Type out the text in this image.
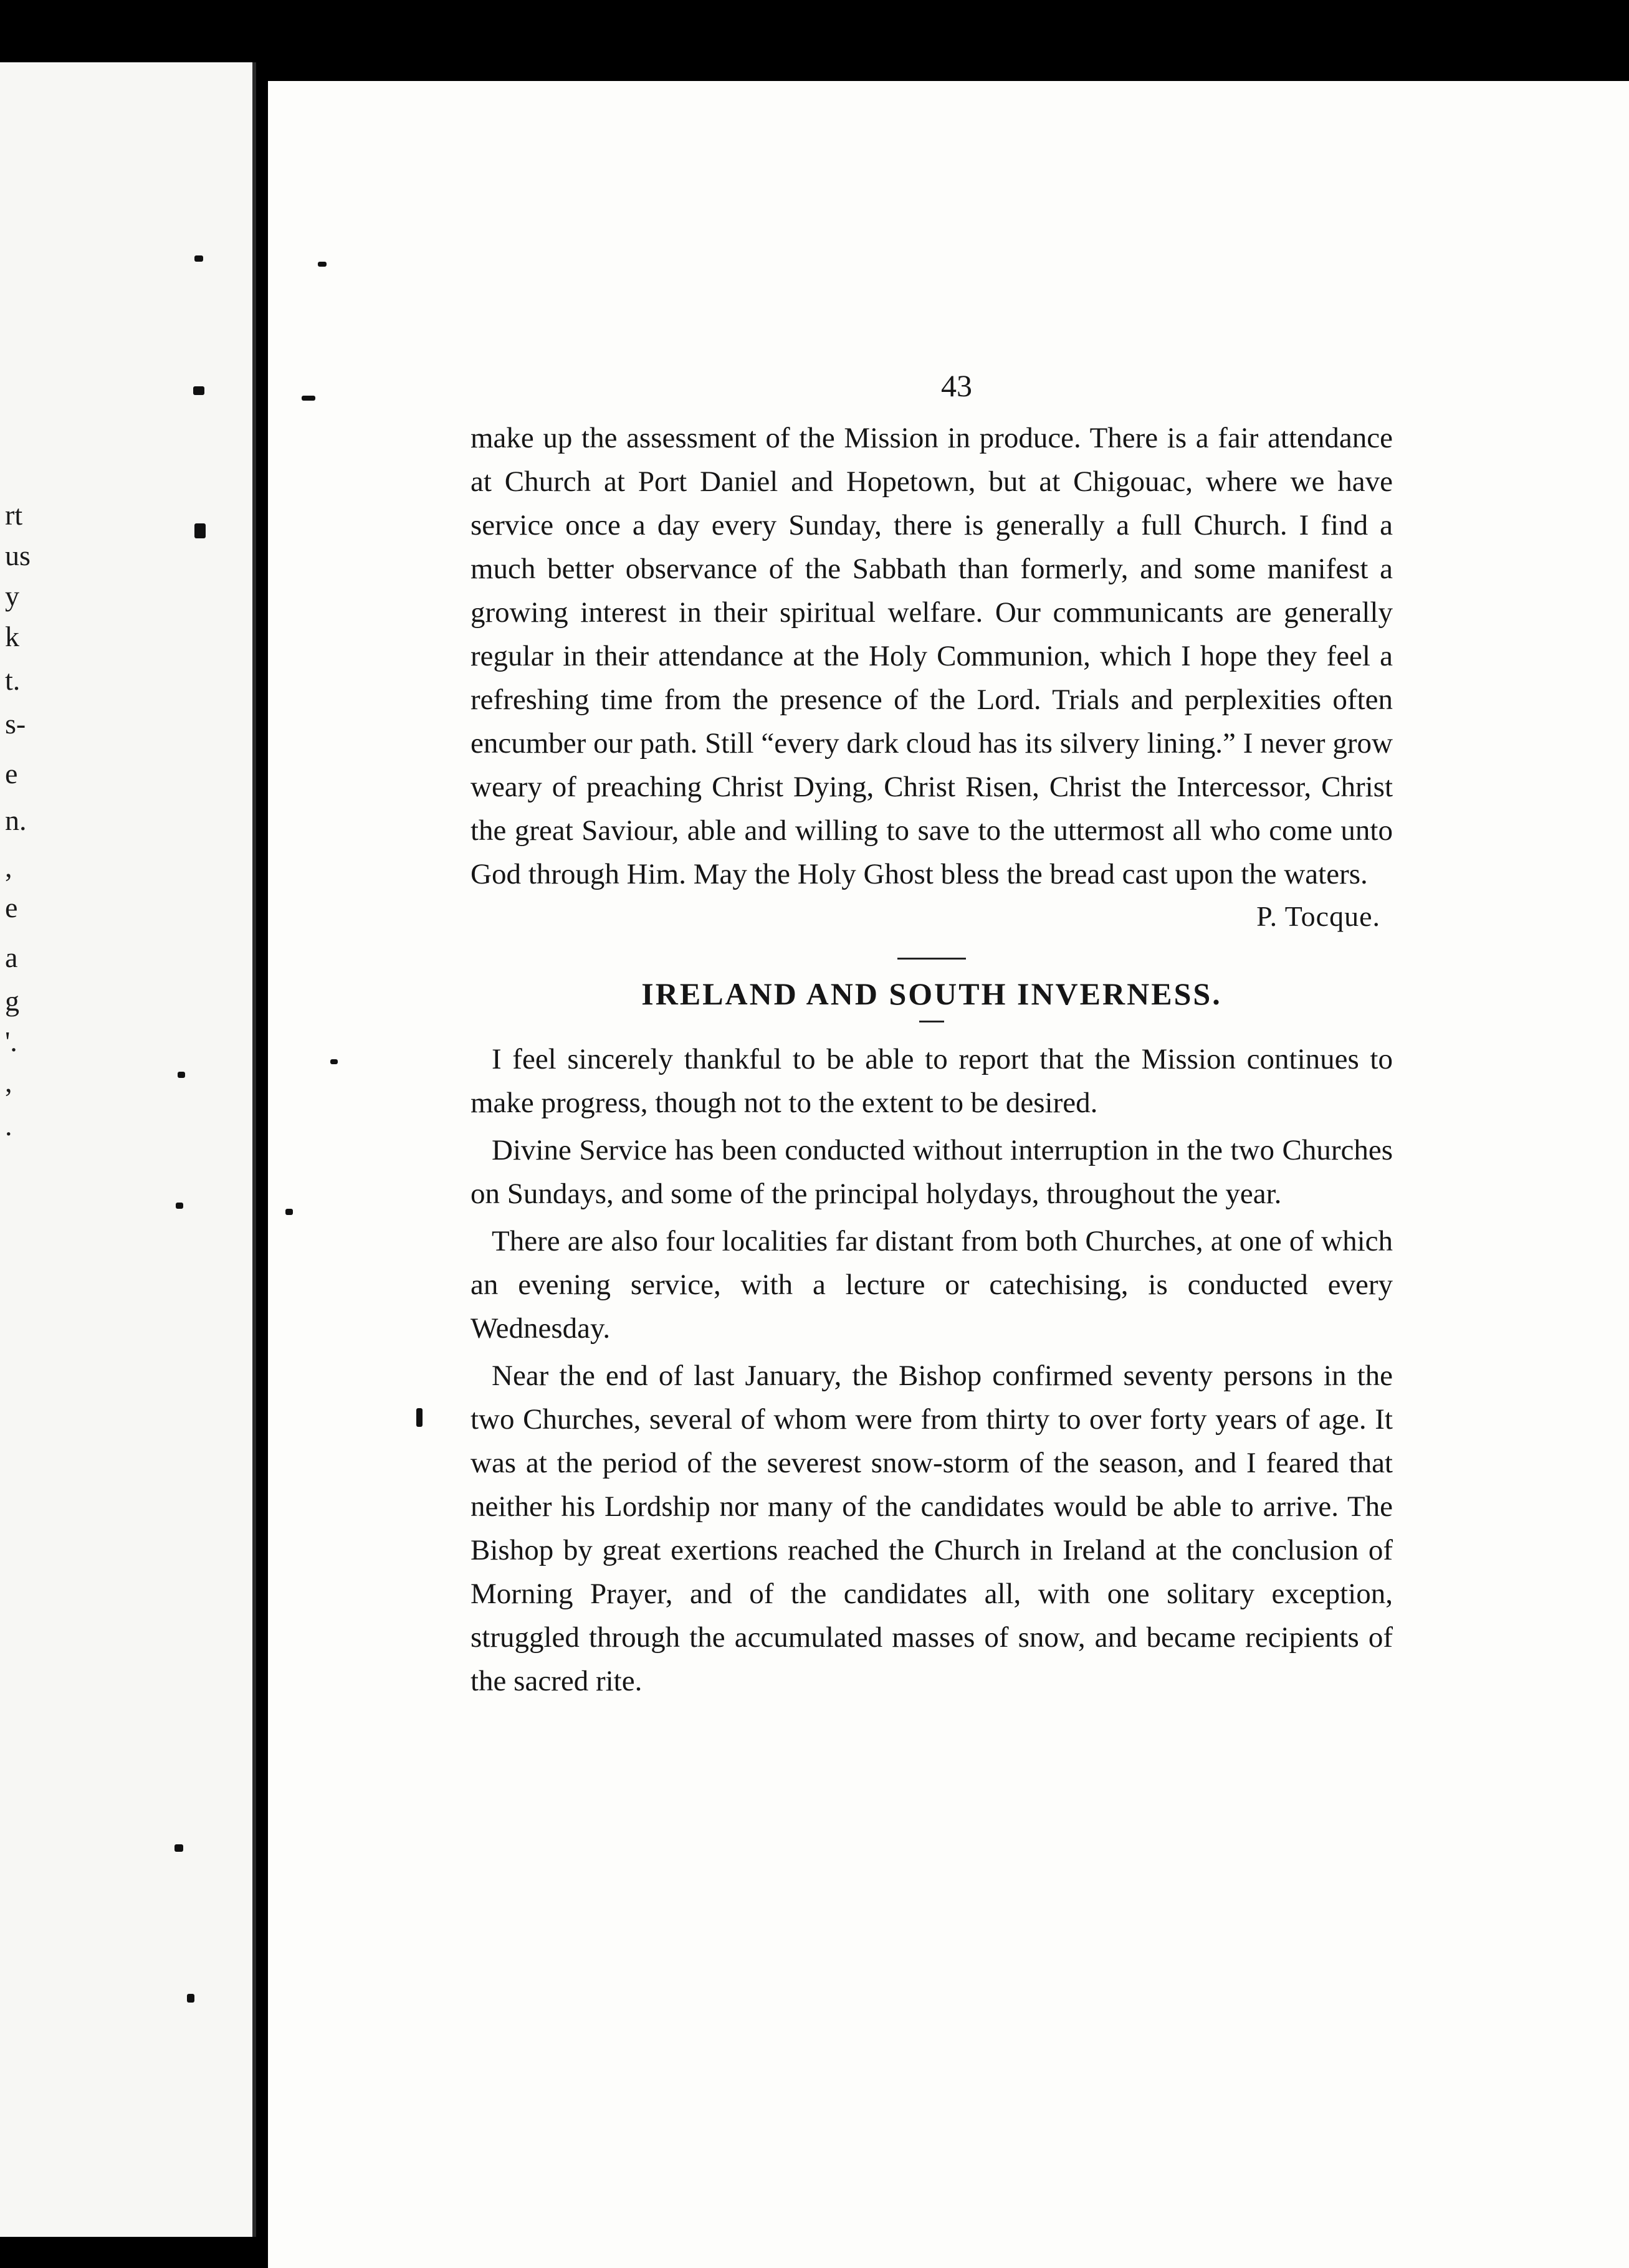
rt
us
y
k
t.
s-
e
n.
,
e
a
g
'.
,
.
43

make up the assessment of the Mission in produce. There is a fair attendance at Church at Port Daniel and Hopetown, but at Chigouac, where we have service once a day every Sunday, there is generally a full Church. I find a much better observance of the Sabbath than formerly, and some manifest a growing interest in their spiritual welfare. Our communicants are generally regular in their attendance at the Holy Communion, which I hope they feel a refreshing time from the presence of the Lord. Trials and perplexities often encumber our path. Still “every dark cloud has its silvery lining.” I never grow weary of preaching Christ Dying, Christ Risen, Christ the Intercessor, Christ the great Saviour, able and willing to save to the uttermost all who come unto God through Him. May the Holy Ghost bless the bread cast upon the waters.

P. Tocque.
IRELAND AND SOUTH INVERNESS.

I feel sincerely thankful to be able to report that the Mission continues to make progress, though not to the extent to be desired.

Divine Service has been conducted without interruption in the two Churches on Sundays, and some of the principal holydays, throughout the year.

There are also four localities far distant from both Churches, at one of which an evening service, with a lecture or catechising, is conducted every Wednesday.

Near the end of last January, the Bishop confirmed seventy persons in the two Churches, several of whom were from thirty to over forty years of age. It was at the period of the severest snow-storm of the season, and I feared that neither his Lordship nor many of the candidates would be able to arrive. The Bishop by great exertions reached the Church in Ireland at the conclusion of Morning Prayer, and of the candidates all, with one solitary exception, struggled through the accumulated masses of snow, and became recipients of the sacred rite.
